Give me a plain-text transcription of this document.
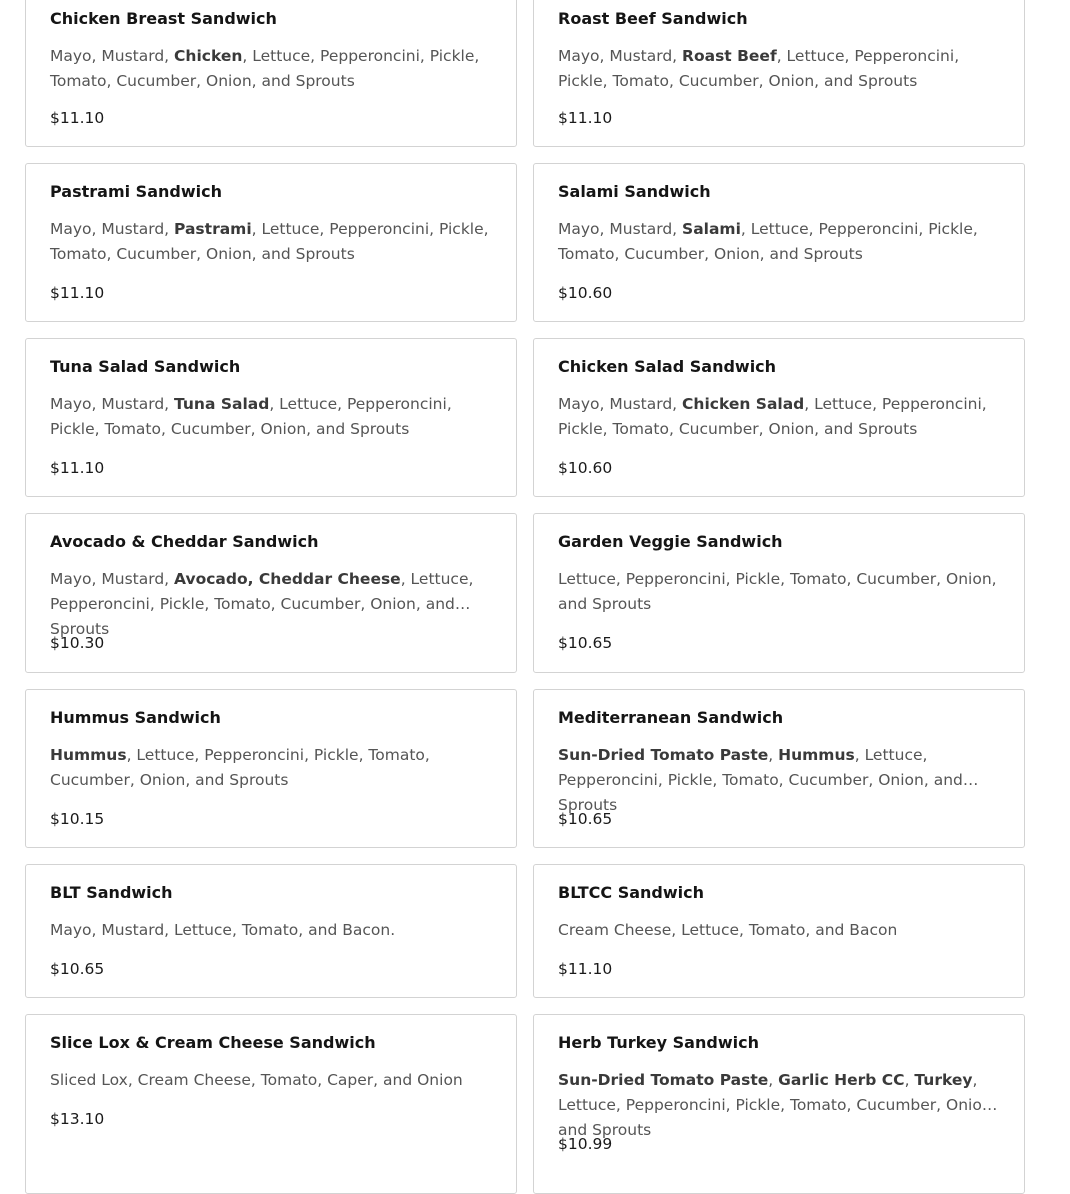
Chicken Breast Sandwich
Mayo, Mustard, Chicken, Lettuce, Pepperoncini, Pickle, Tomato, Cucumber, Onion, and Sprouts
$11.10
Roast Beef Sandwich
Mayo, Mustard, Roast Beef, Lettuce, Pepperoncini, Pickle, Tomato, Cucumber, Onion, and Sprouts
$11.10
Pastrami Sandwich
Mayo, Mustard, Pastrami, Lettuce, Pepperoncini, Pickle, Tomato, Cucumber, Onion, and Sprouts
$11.10
Salami Sandwich
Mayo, Mustard, Salami, Lettuce, Pepperoncini, Pickle, Tomato, Cucumber, Onion, and Sprouts
$10.60
Tuna Salad Sandwich
Mayo, Mustard, Tuna Salad, Lettuce, Pepperoncini, Pickle, Tomato, Cucumber, Onion, and Sprouts
$11.10
Chicken Salad Sandwich
Mayo, Mustard, Chicken Salad, Lettuce, Pepperoncini, Pickle, Tomato, Cucumber, Onion, and Sprouts
$10.60
Avocado & Cheddar Sandwich
Mayo, Mustard, Avocado, Cheddar Cheese, Lettuce, Pepperoncini, Pickle, Tomato, Cucumber, Onion, and Sprouts
$10.30
Garden Veggie Sandwich
Lettuce, Pepperoncini, Pickle, Tomato, Cucumber, Onion, and Sprouts
$10.65
Hummus Sandwich
Hummus, Lettuce, Pepperoncini, Pickle, Tomato, Cucumber, Onion, and Sprouts
$10.15
Mediterranean Sandwich
Sun-Dried Tomato Paste, Hummus, Lettuce, Pepperoncini, Pickle, Tomato, Cucumber, Onion, and Sprouts
$10.65
BLT Sandwich
Mayo, Mustard, Lettuce, Tomato, and Bacon.
$10.65
BLTCC Sandwich
Cream Cheese, Lettuce, Tomato, and Bacon
$11.10
Slice Lox & Cream Cheese Sandwich
Sliced Lox, Cream Cheese, Tomato, Caper, and Onion
$13.10
Herb Turkey Sandwich
Sun-Dried Tomato Paste, Garlic Herb CC, Turkey, Lettuce, Pepperoncini, Pickle, Tomato, Cucumber, Onion, and Sprouts
$10.99
